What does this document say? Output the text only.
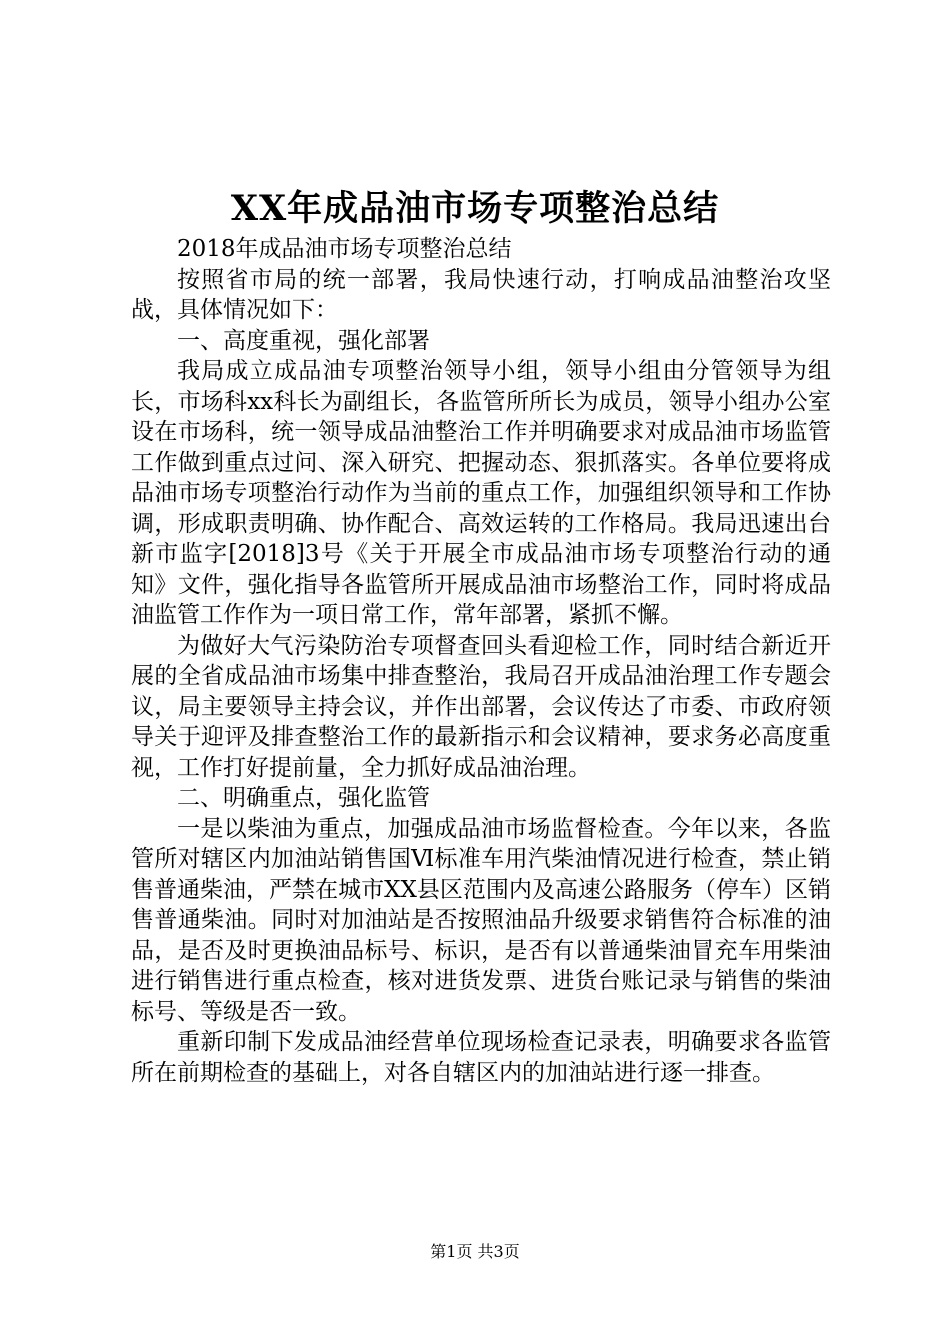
XX年成品油市场专项整治总结

2018年成品油市场专项整治总结

按照省市局的统一部署，我局快速行动，打响成品油整治攻坚战，具体情况如下：

一、高度重视，强化部署

我局成立成品油专项整治领导小组，领导小组由分管领导为组长，市场科xx科长为副组长，各监管所所长为成员，领导小组办公室设在市场科，统一领导成品油整治工作并明确要求对成品油市场监管工作做到重点过问、深入研究、把握动态、狠抓落实。各单位要将成品油市场专项整治行动作为当前的重点工作，加强组织领导和工作协调，形成职责明确、协作配合、高效运转的工作格局。我局迅速出台新市监字[2018]3号《关于开展全市成品油市场专项整治行动的通知》文件，强化指导各监管所开展成品油市场整治工作，同时将成品油监管工作作为一项日常工作，常年部署，紧抓不懈。

为做好大气污染防治专项督查回头看迎检工作，同时结合新近开展的全省成品油市场集中排查整治，我局召开成品油治理工作专题会议，局主要领导主持会议，并作出部署，会议传达了市委、市政府领导关于迎评及排查整治工作的最新指示和会议精神，要求务必高度重视，工作打好提前量，全力抓好成品油治理。

二、明确重点，强化监管

一是以柴油为重点，加强成品油市场监督检查。今年以来，各监管所对辖区内加油站销售国Ⅵ标准车用汽柴油情况进行检查，禁止销售普通柴油，严禁在城市XX县区范围内及高速公路服务（停车）区销售普通柴油。同时对加油站是否按照油品升级要求销售符合标准的油品，是否及时更换油品标号、标识，是否有以普通柴油冒充车用柴油进行销售进行重点检查，核对进货发票、进货台账记录与销售的柴油标号、等级是否一致。

重新印制下发成品油经营单位现场检查记录表，明确要求各监管所在前期检查的基础上，对各自辖区内的加油站进行逐一排查。

第1页 共3页
